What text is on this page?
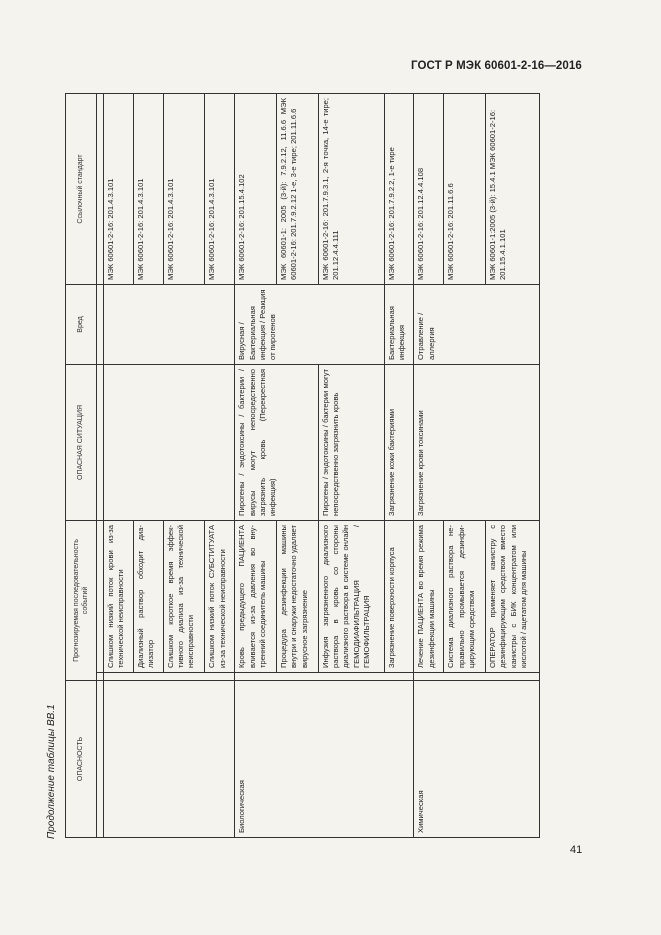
ГОСТ Р МЭК 60601-2-16—2016
Продолжение таблицы ВВ.1	ОПАСНОСТЬ	Прогнозируемая последовательность событий		ОПАСНАЯ СИТУАЦИЯ	Вред	Ссылочный стандарт

		Слишком низкий поток крови из-за технической неисправности			МЭК 60601-2-16: 201.4.3.101
		Диализный раствор обходит диализатор			МЭК 60601-2-16: 201.4.3.101
		Слишком короткое время эффективного диализа из-за технической неисправности			МЭК 60601-2-16: 201.4.3.101
		Слишком низкий поток СУБСТИТУАТА из-за технической неисправности			МЭК 60601-2-16: 201.4.3.101
Биологическая		Кровь предыдущего ПАЦИЕНТА вливается из-за давления во внутренний соединитель машины	Пирогены / эндотоксины / бактерии / вирусы могут непосредственно загрязнить кровь (Перекрестная инфекция)	Вирусная / Бактериальная инфекция / Реакция от пирогенов	МЭК 60601-2-16: 201.15.4.102
		Процедура дезинфекции машины внутри и снаружи недостаточно удаляет вирусное загрязнение			МЭК 60601-1: 2005 (3-й): 7.9.2.12, 11.6.6 МЭК 60601-2-16: 201.7.9.2.12 1-е, 3-е тире; 201.11.6.6
		Инфузия загрязненного диализного раствора в кровь со стороны диализного раствора в системе онлайн ГЕМОДИАФИЛЬТРАЦИЯ / ГЕМОФИЛЬТРАЦИЯ	Пирогены / эндотоксины / бактерии могут непосредственно загрязнить кровь		МЭК 60601-2-16: 201.7.9.3.1, 2-я точка, 14-е тире; 201.12.4.4.111
		Загрязнение поверхности корпуса	Загрязнение кожи бактериями	Бактериальная инфекция	МЭК 60601-2-16: 201.7.9.2.2, 1-е тире
Химическая		Лечение ПАЦИЕНТА во время режима дезинфекции машины	Загрязнение крови токсинами	Отравление / аллергия	МЭК 60601-2-16: 201.12.4.4.108
		Система диализного раствора неправильно промывается дезинфицирующим средством			МЭК 60601-2-16: 201.11.6.6
		ОПЕРАТОР применяет канистру с дезинфицирующим средством вместо канистры с БИК концентратом или кислотой / ацетатом для машины			МЭК 60601-1:2005 (3-й): 15.4.1 МЭК 60601-2-16: 201.15.4.1.101
41
